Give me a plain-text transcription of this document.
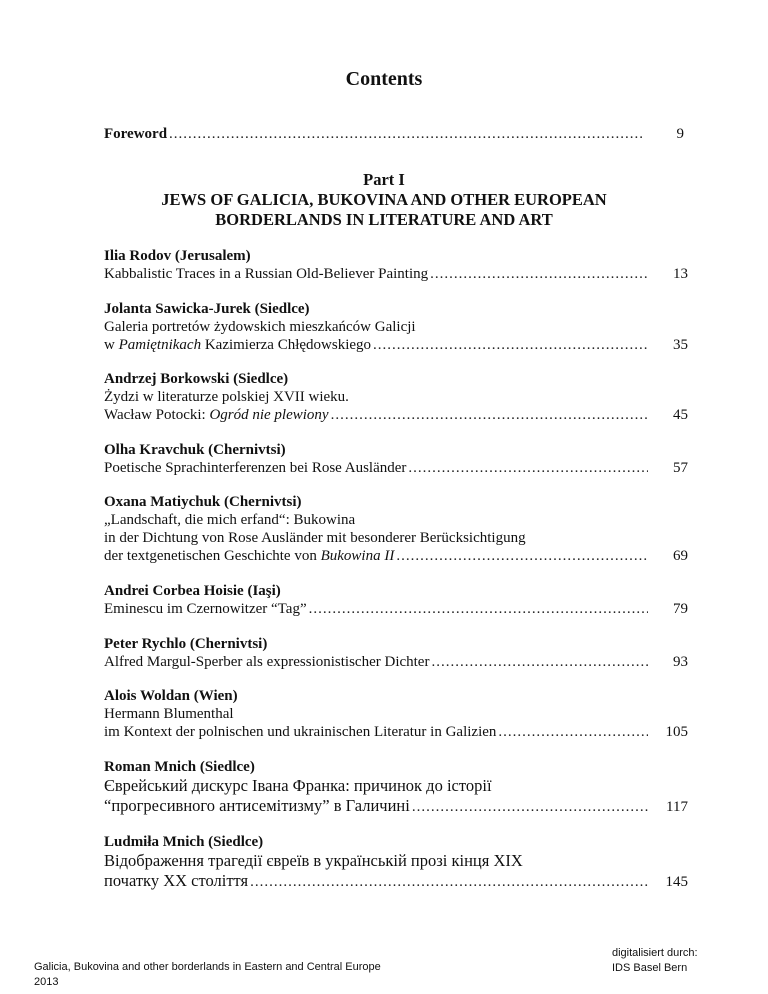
Contents
Foreword .....	9
Part I
JEWS OF GALICIA, BUKOVINA AND OTHER EUROPEAN
BORDERLANDS IN LITERATURE AND ART
Ilia Rodov (Jerusalem)
Kabbalistic Traces in a Russian Old-Believer Painting .....	13
Jolanta Sawicka-Jurek (Siedlce)
Galeria portretów żydowskich mieszkańców Galicji
w Pamiętnikach Kazimierza Chłędowskiego .....	35
Andrzej Borkowski (Siedlce)
Żydzi w literaturze polskiej XVII wieku.
Wacław Potocki: Ogród nie plewiony .....	45
Olha Kravchuk (Chernivtsi)
Poetische Sprachinterferenzen bei Rose Ausländer .....	57
Oxana Matiychuk (Chernivtsi)
„Landschaft, die mich erfand“: Bukowina
in der Dichtung von Rose Ausländer mit besonderer Berücksichtigung
der textgenetischen Geschichte von Bukowina II .....	69
Andrei Corbea Hoisie (Iaşi)
Eminescu im Czernowitzer “Tag” .....	79
Peter Rychlo (Chernivtsi)
Alfred Margul-Sperber als expressionistischer Dichter .....	93
Alois Woldan (Wien)
Hermann Blumenthal
im Kontext der polnischen und ukrainischen Literatur in Galizien .....	105
Roman Mnich (Siedlce)
Єврейський дискурс Івана Франка: причинок до історії
“прогресивного антисемітизму” в Галичині .....	117
Ludmiła Mnich (Siedlce)
Відображення трагедії євреїв в українській прозі кінця XIX
початку XX століття .....	145
Galicia, Bukovina and other borderlands in Eastern and Central Europe
2013
digitalisiert durch:
IDS Basel Bern
